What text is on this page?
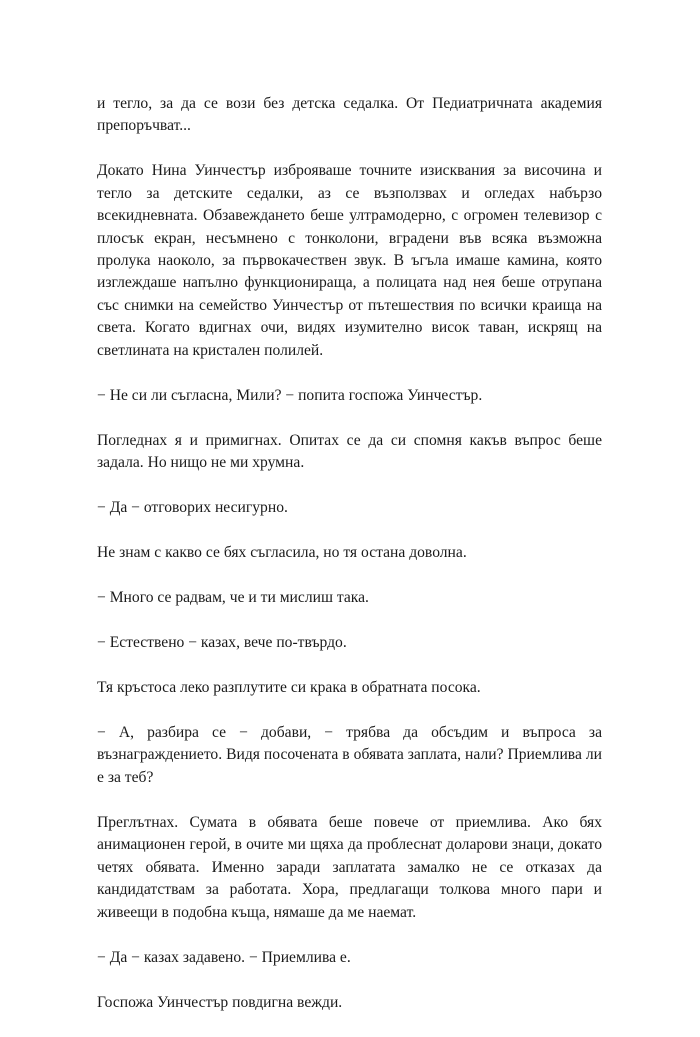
и тегло, за да се вози без детска седалка. От Педиатричната академия препоръчват...

Докато Нина Уинчестър изброяваше точните изисквания за височина и тегло за детските седалки, аз се възползвах и огледах набързо всекидневната. Обзавеждането беше ултрамодерно, с огромен телевизор с плосък екран, несъмнено с тонколони, вградени във всяка възможна пролука наоколо, за първокачествен звук. В ъгъла имаше камина, която изглеждаше напълно функционираща, а полицата над нея беше отрупана със снимки на семейство Уинчестър от пътешествия по всички краища на света. Когато вдигнах очи, видях изумително висок таван, искрящ на светлината на кристален полилей.

− Не си ли съгласна, Мили? − попита госпожа Уинчестър.

Погледнах я и примигнах. Опитах се да си спомня какъв въпрос беше задала. Но нищо не ми хрумна.

− Да − отговорих несигурно.

Не знам с какво се бях съгласила, но тя остана доволна.

− Много се радвам, че и ти мислиш така.

− Естествено − казах, вече по-твърдо.

Тя кръстоса леко разплутите си крака в обратната посока.

− А, разбира се − добави, − трябва да обсъдим и въпроса за възнаграждението. Видя посочената в обявата заплата, нали? Приемлива ли е за теб?

Преглътнах. Сумата в обявата беше повече от приемлива. Ако бях анимационен герой, в очите ми щяха да проблеснат доларови знаци, докато четях обявата. Именно заради заплатата замалко не се отказах да кандидатствам за работата. Хора, предлагащи толкова много пари и живеещи в подобна къща, нямаше да ме наемат.

− Да − казах задавено. − Приемлива е.

Госпожа Уинчестър повдигна вежди.
